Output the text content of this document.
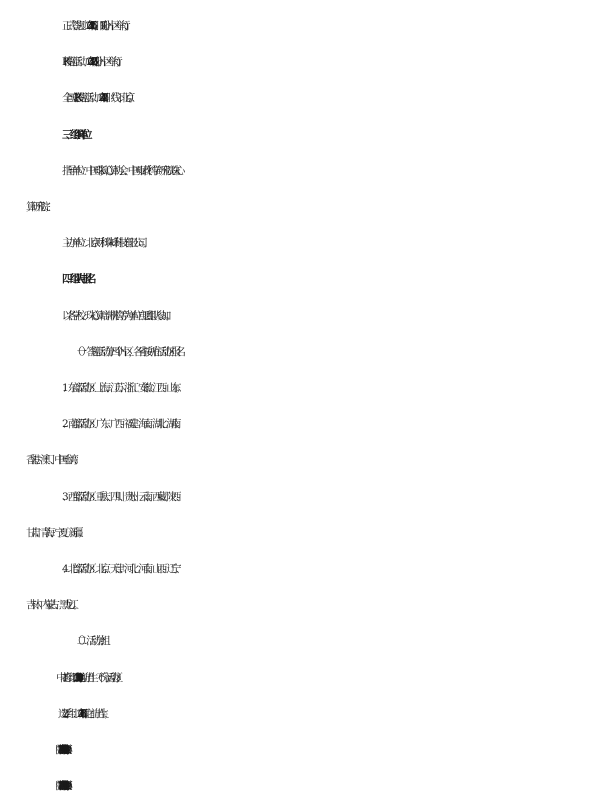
正式答题：2023 年 12 月 16 日、17 日(分片区举行)；
PK 答题活动：2023 年 12 月 23 日(分片区举行)；
全国总 PK 答题活动：2024 年 1 月 21 日（线下北京）。
三、组织单位
指导单位：中国珠算心算协会、中国财政科学研究院珠心
算研究院；
主办单位：北京财科珠峰科技有限公司。
四、组队与报名
以各学校、珠心算培训机构等为单位自愿组队参加。
（一）答题活动分四个片区，各省按所在活动区报名
1．东部活动区：上海、江苏、浙江、安徽、江西、山东；
2．南部活动区：广东、广西、福建、海南、湖北、湖南、
香港、澳门、中国台湾；
3．西部活动区：重庆、四川、贵州、云南、西藏、陕西、
甘肃、青海、宁夏、新疆；
4．北部活动区：北京、天津、河北、河南、山西、辽宁、
吉林、内蒙古、黑龙江。
（二）活动分组
1. 中老年组：1968 年 10 月 23 日之前出生（不分活动区）；
2. 选手组：2011 年 8 月 31 日之前出生；
3. 学生 A 组：2011 年 9 月 1 日至 2015 年 8 月 31 日出生；
4. 学生 B 组：2015 年 9 月 1 日至 2016 年 8 月 31 日出生；
